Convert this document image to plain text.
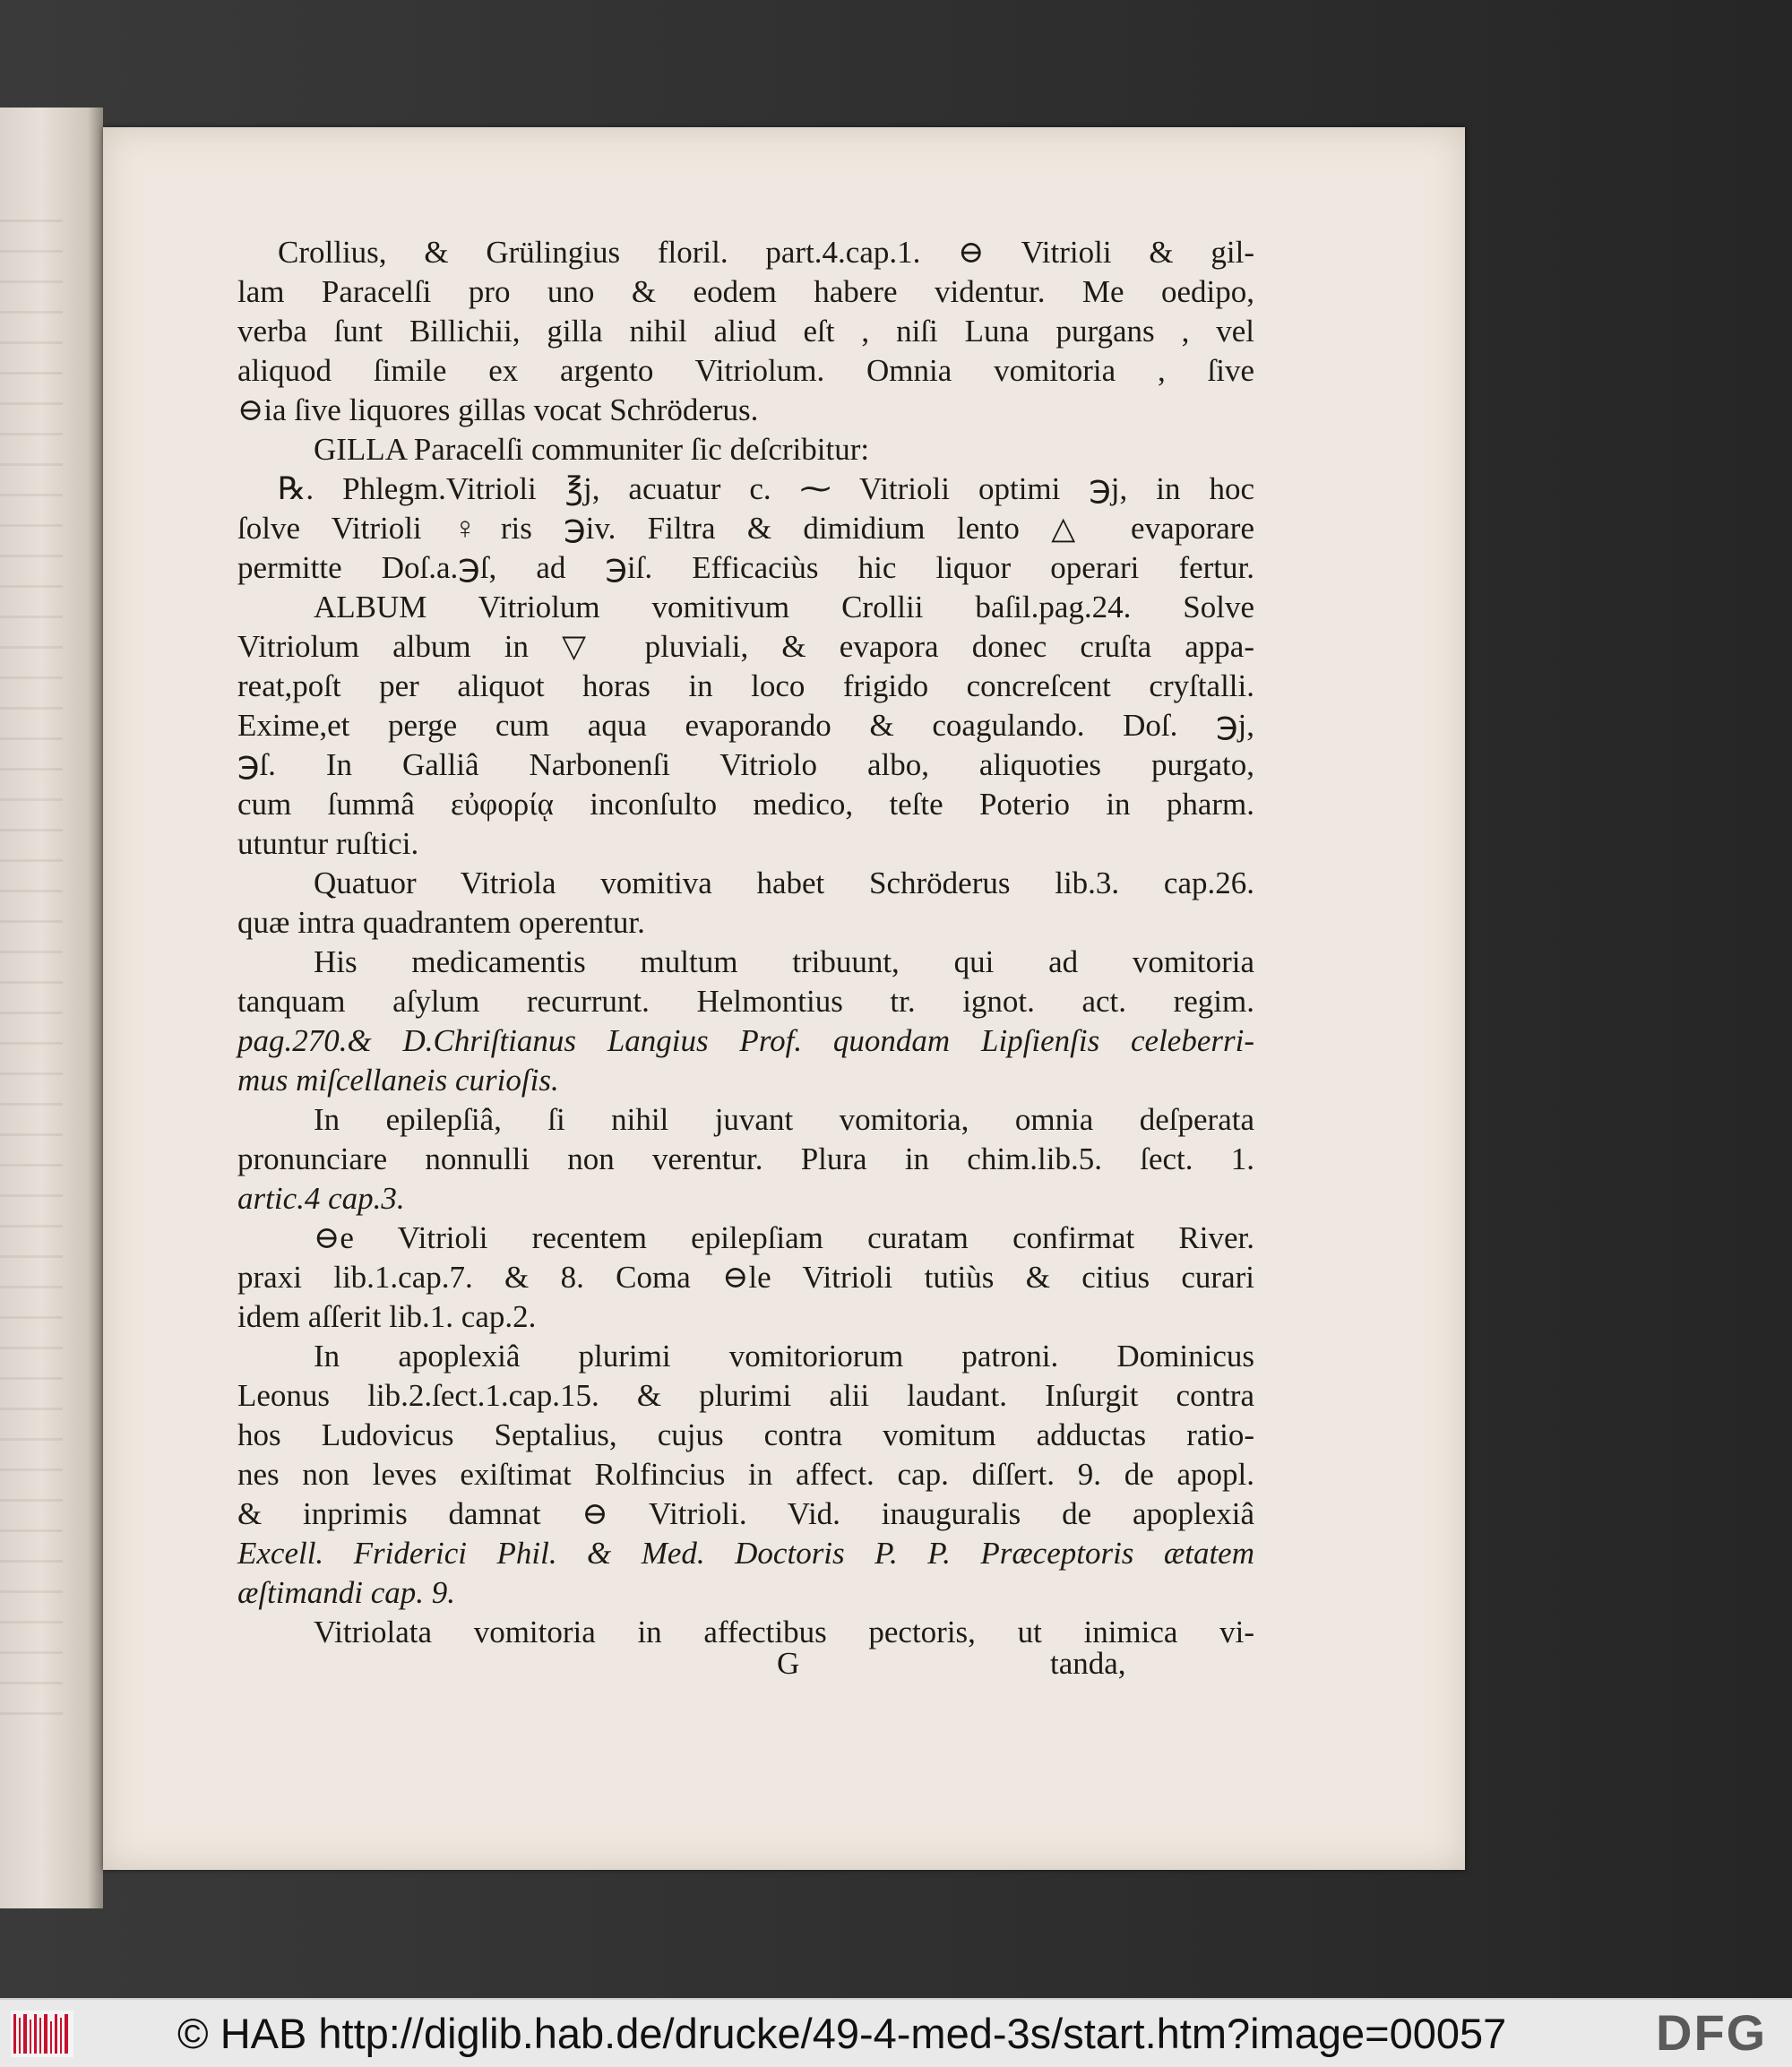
Crollius, & Grülingius floril. part.4.cap.1. ⊖ Vitrioli & gil-
lam Paracelſi pro uno & eodem habere videntur. Me oedipo,
verba ſunt Billichii, gilla nihil aliud eſt , niſi Luna purgans , vel
aliquod ſimile ex argento Vitriolum. Omnia vomitoria , ſive
⊖ia ſive liquores gillas vocat Schröderus.
GILLA Paracelſi communiter ſic deſcribitur:
℞. Phlegm.Vitrioli ℥j, acuatur c. ⁓ Vitrioli optimi ℈j, in hoc
ſolve Vitrioli ♀ris ℈iv. Filtra & dimidium lento △ evaporare
permitte Doſ.a.℈ſ, ad ℈iſ. Efficaciùs hic liquor operari fertur.
ALBUM Vitriolum vomitivum Crollii baſil.pag.24. Solve
Vitriolum album in ▽ pluviali, & evapora donec cruſta appa-
reat,poſt per aliquot horas in loco frigido concreſcent cryſtalli.
Exime,et perge cum aqua evaporando & coagulando. Doſ. ℈j,
℈ſ. In Galliâ Narbonenſi Vitriolo albo, aliquoties purgato,
cum ſummâ εὐφορίᾳ inconſulto medico, teſte Poterio in pharm.
utuntur ruſtici.
Quatuor Vitriola vomitiva habet Schröderus lib.3. cap.26.
quæ intra quadrantem operentur.
His medicamentis multum tribuunt, qui ad vomitoria
tanquam aſylum recurrunt. Helmontius tr. ignot. act. regim.
pag.270.& D.Chriſtianus Langius Prof. quondam Lipſienſis celeberri-
mus miſcellaneis curioſis.
In epilepſiâ, ſi nihil juvant vomitoria, omnia deſperata
pronunciare nonnulli non verentur. Plura in chim.lib.5. ſect. 1.
artic.4 cap.3.
⊖e Vitrioli recentem epilepſiam curatam confirmat River.
praxi lib.1.cap.7. & 8. Coma ⊖le Vitrioli tutiùs & citius curari
idem aſſerit lib.1. cap.2.
In apoplexiâ plurimi vomitoriorum patroni. Dominicus
Leonus lib.2.ſect.1.cap.15. & plurimi alii laudant. Inſurgit contra
hos Ludovicus Septalius, cujus contra vomitum adductas ratio-
nes non leves exiſtimat Rolfincius in affect. cap. diſſert. 9. de apopl.
& inprimis damnat ⊖ Vitrioli. Vid. inauguralis de apoplexiâ
Excell. Friderici Phil. & Med. Doctoris P. P. Præceptoris ætatem
æſtimandi cap. 9.
Vitriolata vomitoria in affectibus pectoris, ut inimica vi-
G	tanda,
© HAB http://diglib.hab.de/drucke/49-4-med-3s/start.htm?image=00057	DFG
